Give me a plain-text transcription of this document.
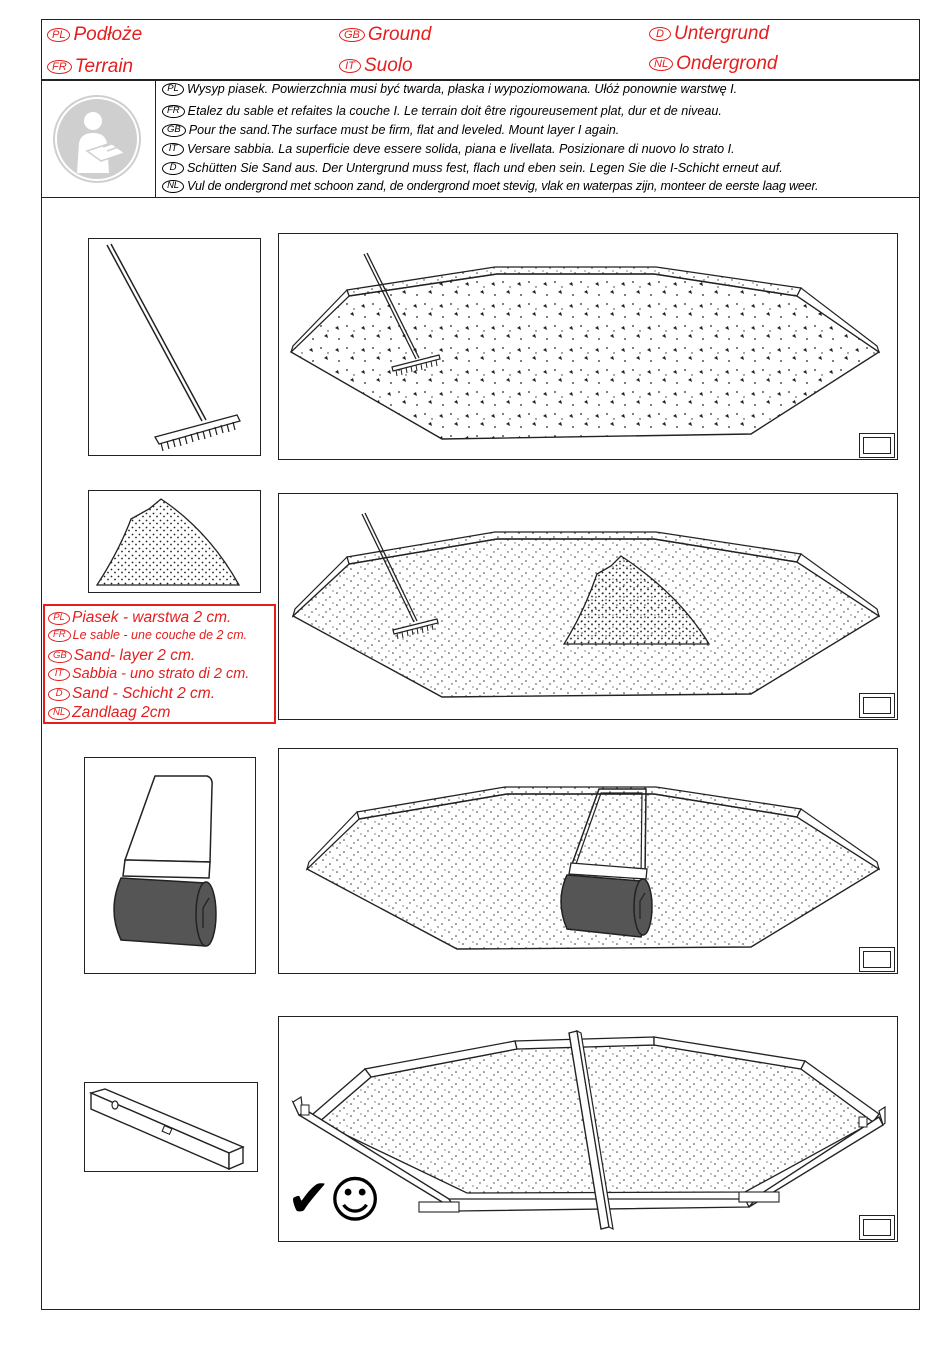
PL Podłoże	GB Ground	D Untergrund
FR Terrain	IT Suolo	NL Ondergrond
PL Wysyp piasek. Powierzchnia musi być twarda, płaska i wypoziomowana. Ułóż ponownie warstwę I.
FR Etalez du sable et refaites la couche I. Le terrain doit être rigoureusement plat, dur et de niveau.
GB Pour the sand.The surface must be firm, flat and leveled. Mount layer I again.
IT Versare sabbia. La superficie deve essere solida, piana e livellata. Posizionare di nuovo lo strato I.
D Schütten Sie Sand aus. Der Untergrund muss fest, flach und eben sein. Legen Sie die I-Schicht erneut auf.
NL Vul de ondergrond met schoon zand, de ondergrond moet stevig, vlak en waterpas zijn, monteer de eerste laag weer.
PL Piasek - warstwa 2 cm.
FR Le sable - une couche de 2 cm.
GB Sand- layer 2 cm.
IT Sabbia - uno strato di 2 cm.
D Sand - Schicht 2 cm.
NL Zandlaag 2cm
✔
☺
